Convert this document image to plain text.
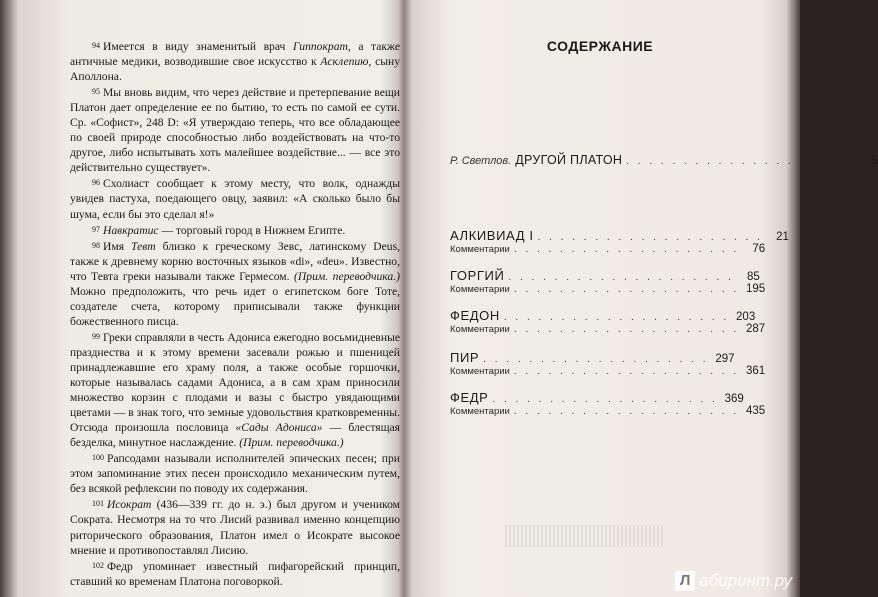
94 Имеется в виду знаменитый врач Гиппократ, а также античные медики, возводившие свое искусство к Асклепию, сыну Аполлона.

95 Мы вновь видим, что через действие и претерпевание вещи Платон дает определение ее по бытию, то есть по самой ее сути. Ср. «Софист», 248 D: «Я утверждаю теперь, что все обладающее по своей природе способностью либо воздействовать на что-то другое, либо испытывать хоть малейшее воздействие... — все это действительно существует».

96 Схолиаст сообщает к этому месту, что волк, однажды увидев пастуха, поедающего овцу, заявил: «А сколько было бы шума, если бы это сделал я!»

97 Навкратис — торговый город в Нижнем Египте.

98 Имя Тевт близко к греческому Зевс, латинскому Deus, также к древнему корню восточных языков «di», «deu». Известно, что Тевта греки называли также Гермесом. (Прим. переводчика.) Можно предположить, что речь идет о египетском боге Тоте, создателе счета, которому приписывали также функции божественного писца.

99 Греки справляли в честь Адониса ежегодно восьмидневные празднества и к этому времени засевали рожью и пшеницей принадлежавшие его храму поля, а также особые горшочки, которые называлась садами Адониса, а в сам храм приносили множество корзин с плодами и вазы с быстро увядающими цветами — в знак того, что земные удовольствия кратковременны. Отсюда произошла пословица «Сады Адониса» — блестящая безделка, минутное наслаждение. (Прим. переводчика.)

100 Рапсодами называли исполнителей эпических песен; при этом запоминание этих песен происходило механическим путем, без всякой рефлексии по поводу их содержания.

101 Исократ (436—339 гг. до н. э.) был другом и учеником Сократа. Несмотря на то что Лисий развивал именно концепцию риторического образования, Платон имел о Исократе высокое мнение и противопоставлял Лисию.

102 Федр упоминает известный пифагорейский принцип, ставший ко временам Платона поговоркой.

СОДЕРЖАНИЕ
Р. Светлов. ДРУГОЙ ПЛАТОН . . . . . . . . . . . . . . . . . . . .	5
АЛКИВИАД I . . . . . . . . . . . . . . . . . . . .	21
Комментарии . . . . . . . . . . . . . . . . . . . .	76
ГОРГИЙ . . . . . . . . . . . . . . . . . . . .	85
Комментарии . . . . . . . . . . . . . . . . . . . . 195
ФЕДОН . . . . . . . . . . . . . . . . . . . . 203
Комментарии . . . . . . . . . . . . . . . . . . . . 287
ПИР . . . . . . . . . . . . . . . . . . . . 297
Комментарии . . . . . . . . . . . . . . . . . . . . 361
ФЕДР . . . . . . . . . . . . . . . . . . . . 369
Комментарии . . . . . . . . . . . . . . . . . . . . 435
Л абиринт.ру
